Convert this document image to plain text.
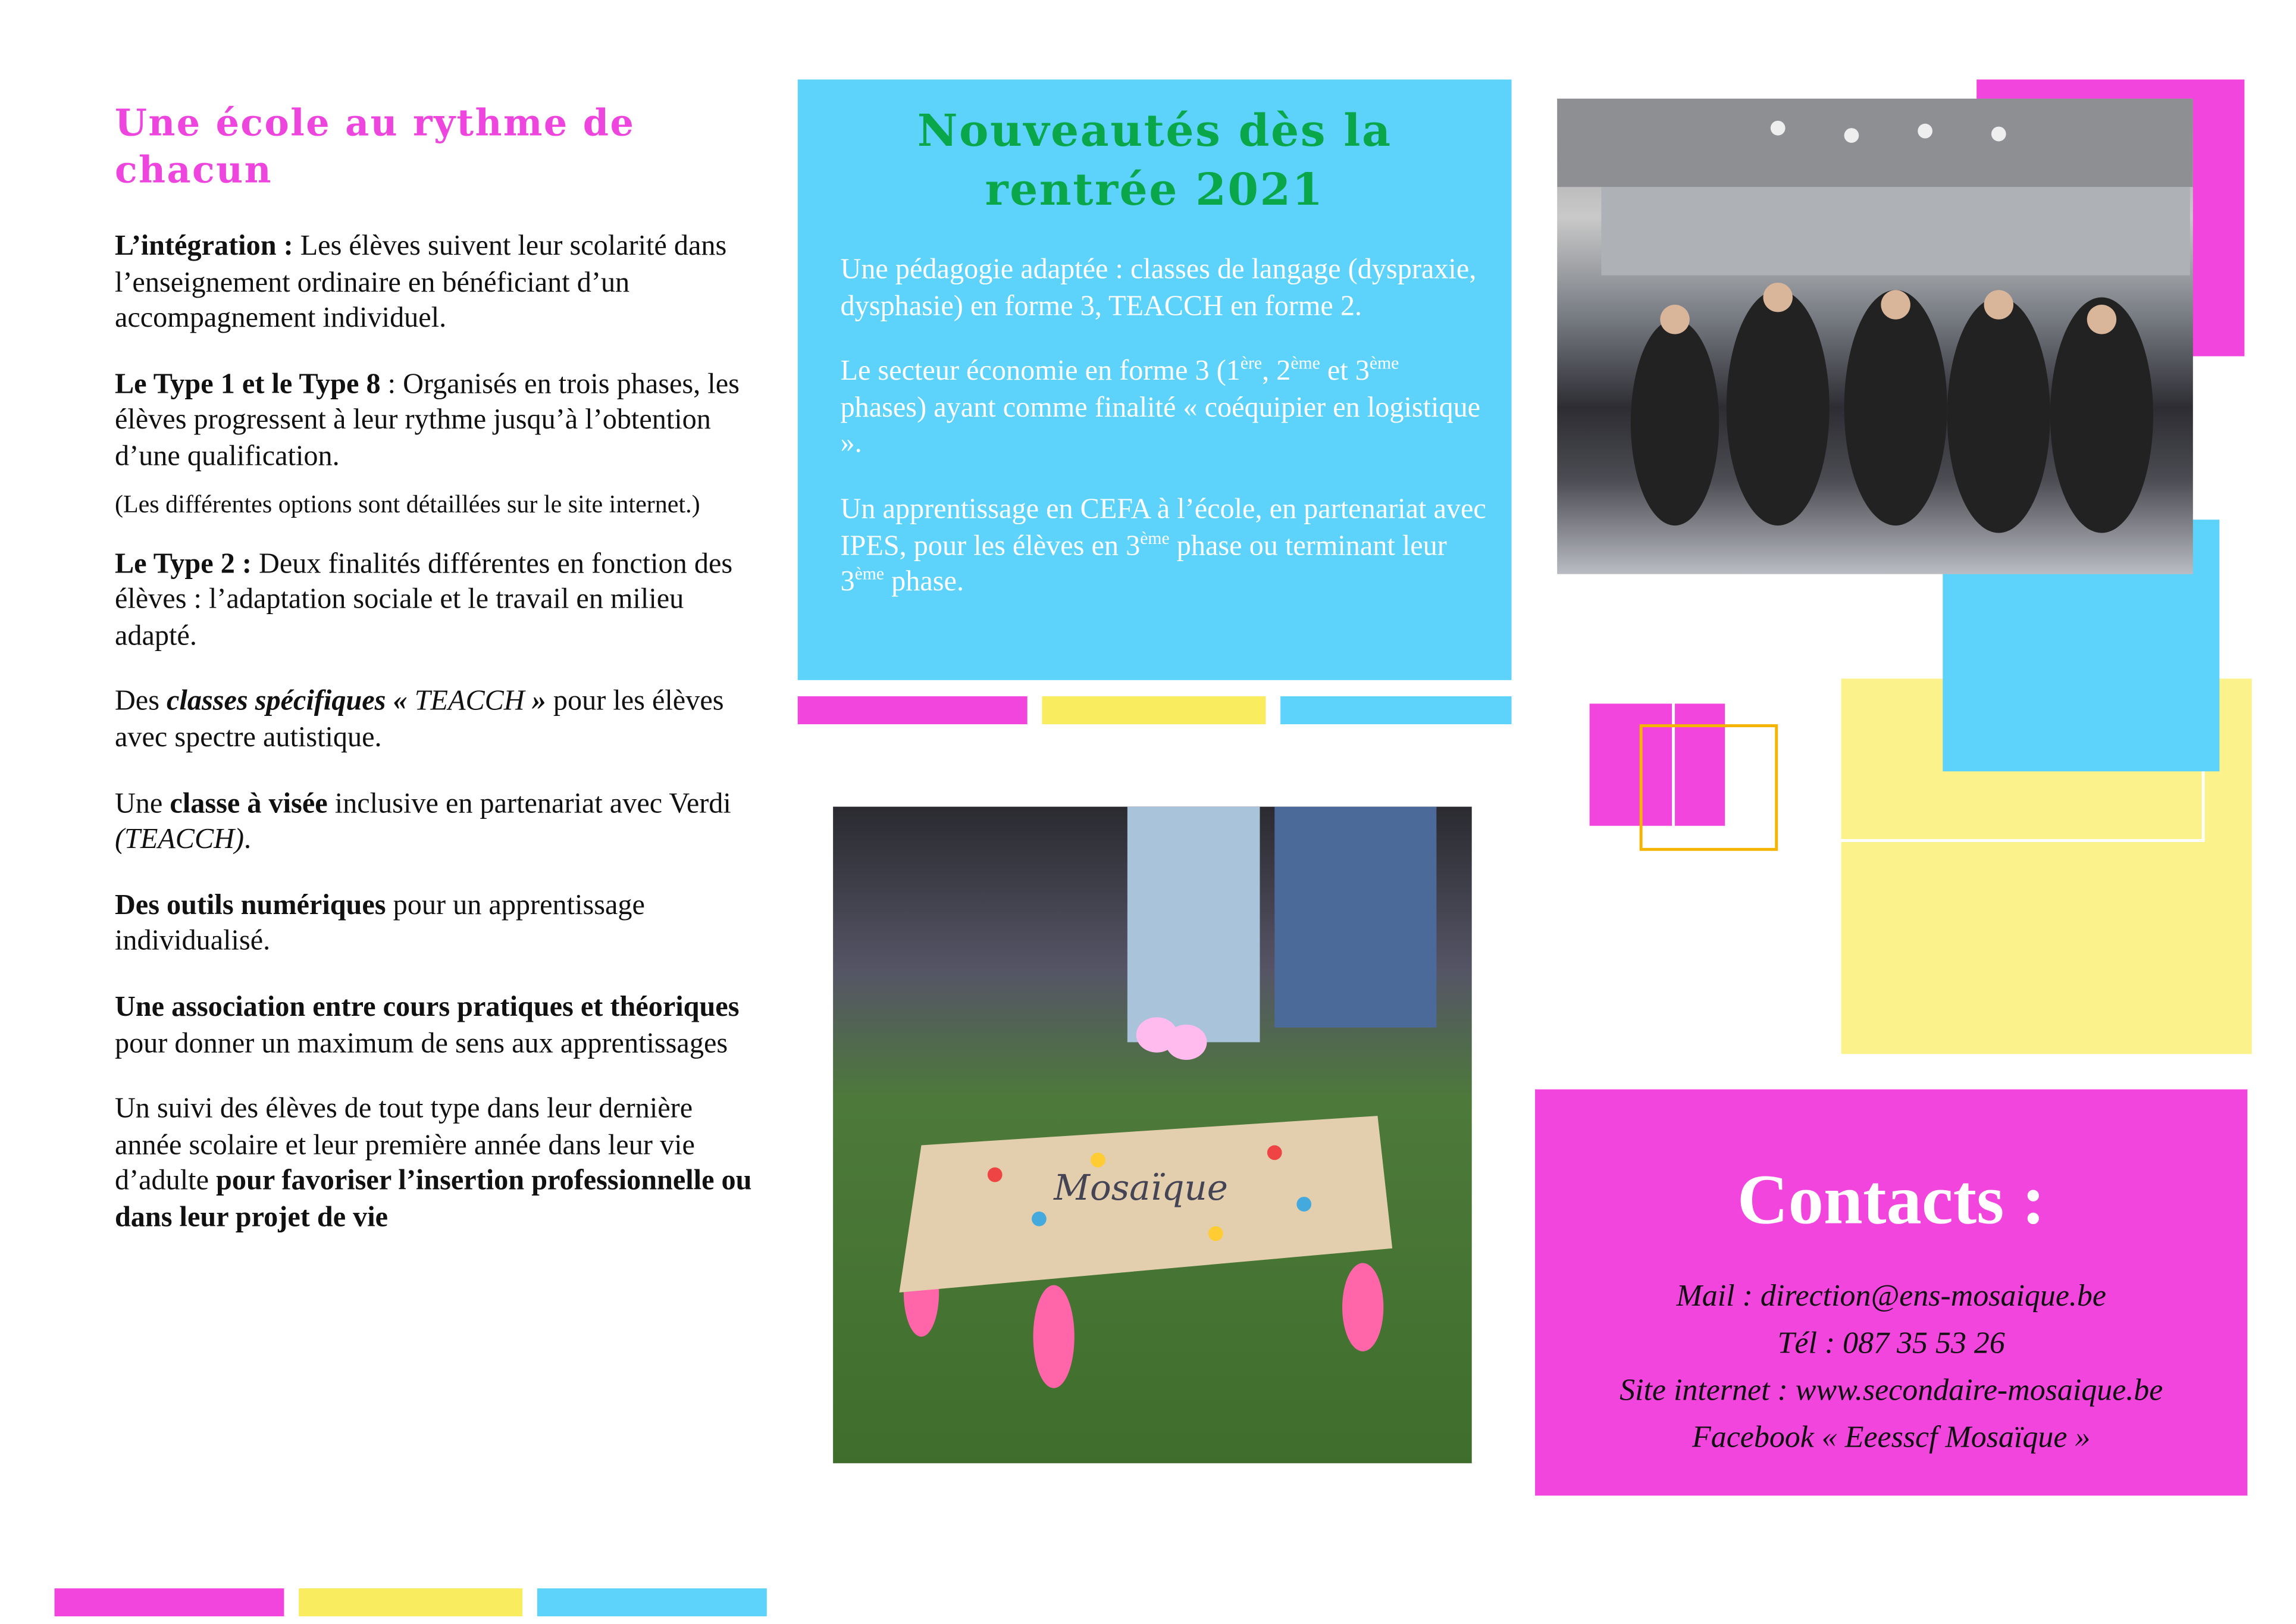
Une école au rythme de chacun

L’intégration : Les élèves suivent leur scolarité dans l’enseignement ordinaire en bénéficiant d’un accompagnement individuel.

Le Type 1 et le Type 8 : Organisés en trois phases, les élèves progressent à leur rythme jusqu’à l’obtention d’une qualification.

(Les différentes options sont détaillées sur le site internet.)

Le Type 2 : Deux finalités différentes en fonction des élèves : l’adaptation sociale et le travail en milieu adapté.

Des classes spécifiques « TEACCH » pour les élèves avec spectre autistique.

Une classe à visée inclusive en partenariat avec Verdi (TEACCH).

Des outils numériques pour un apprentissage individualisé.

Une association entre cours pratiques et théoriques pour donner un maximum de sens aux apprentissages

Un suivi des élèves de tout type dans leur dernière année scolaire et leur première année dans leur vie d’adulte pour favoriser l’insertion professionnelle ou dans leur projet de vie

Nouveautés dès la
rentrée 2021

Une pédagogie adaptée : classes de langage (dyspraxie, dysphasie) en forme 3, TEACCH en forme 2.

Le secteur économie en forme 3 (1ère, 2ème et 3ème phases) ayant comme finalité « coéquipier en logistique ».

Un apprentissage en CEFA à l’école, en partenariat avec IPES, pour les élèves en 3ème phase ou terminant leur 3ème phase.

Mosaïque	Contacts :
Mail : direction@ens-mosaique.be
Tél : 087 35 53 26
Site internet : www.secondaire-mosaique.be
Facebook « Eeesscf Mosaïque »
